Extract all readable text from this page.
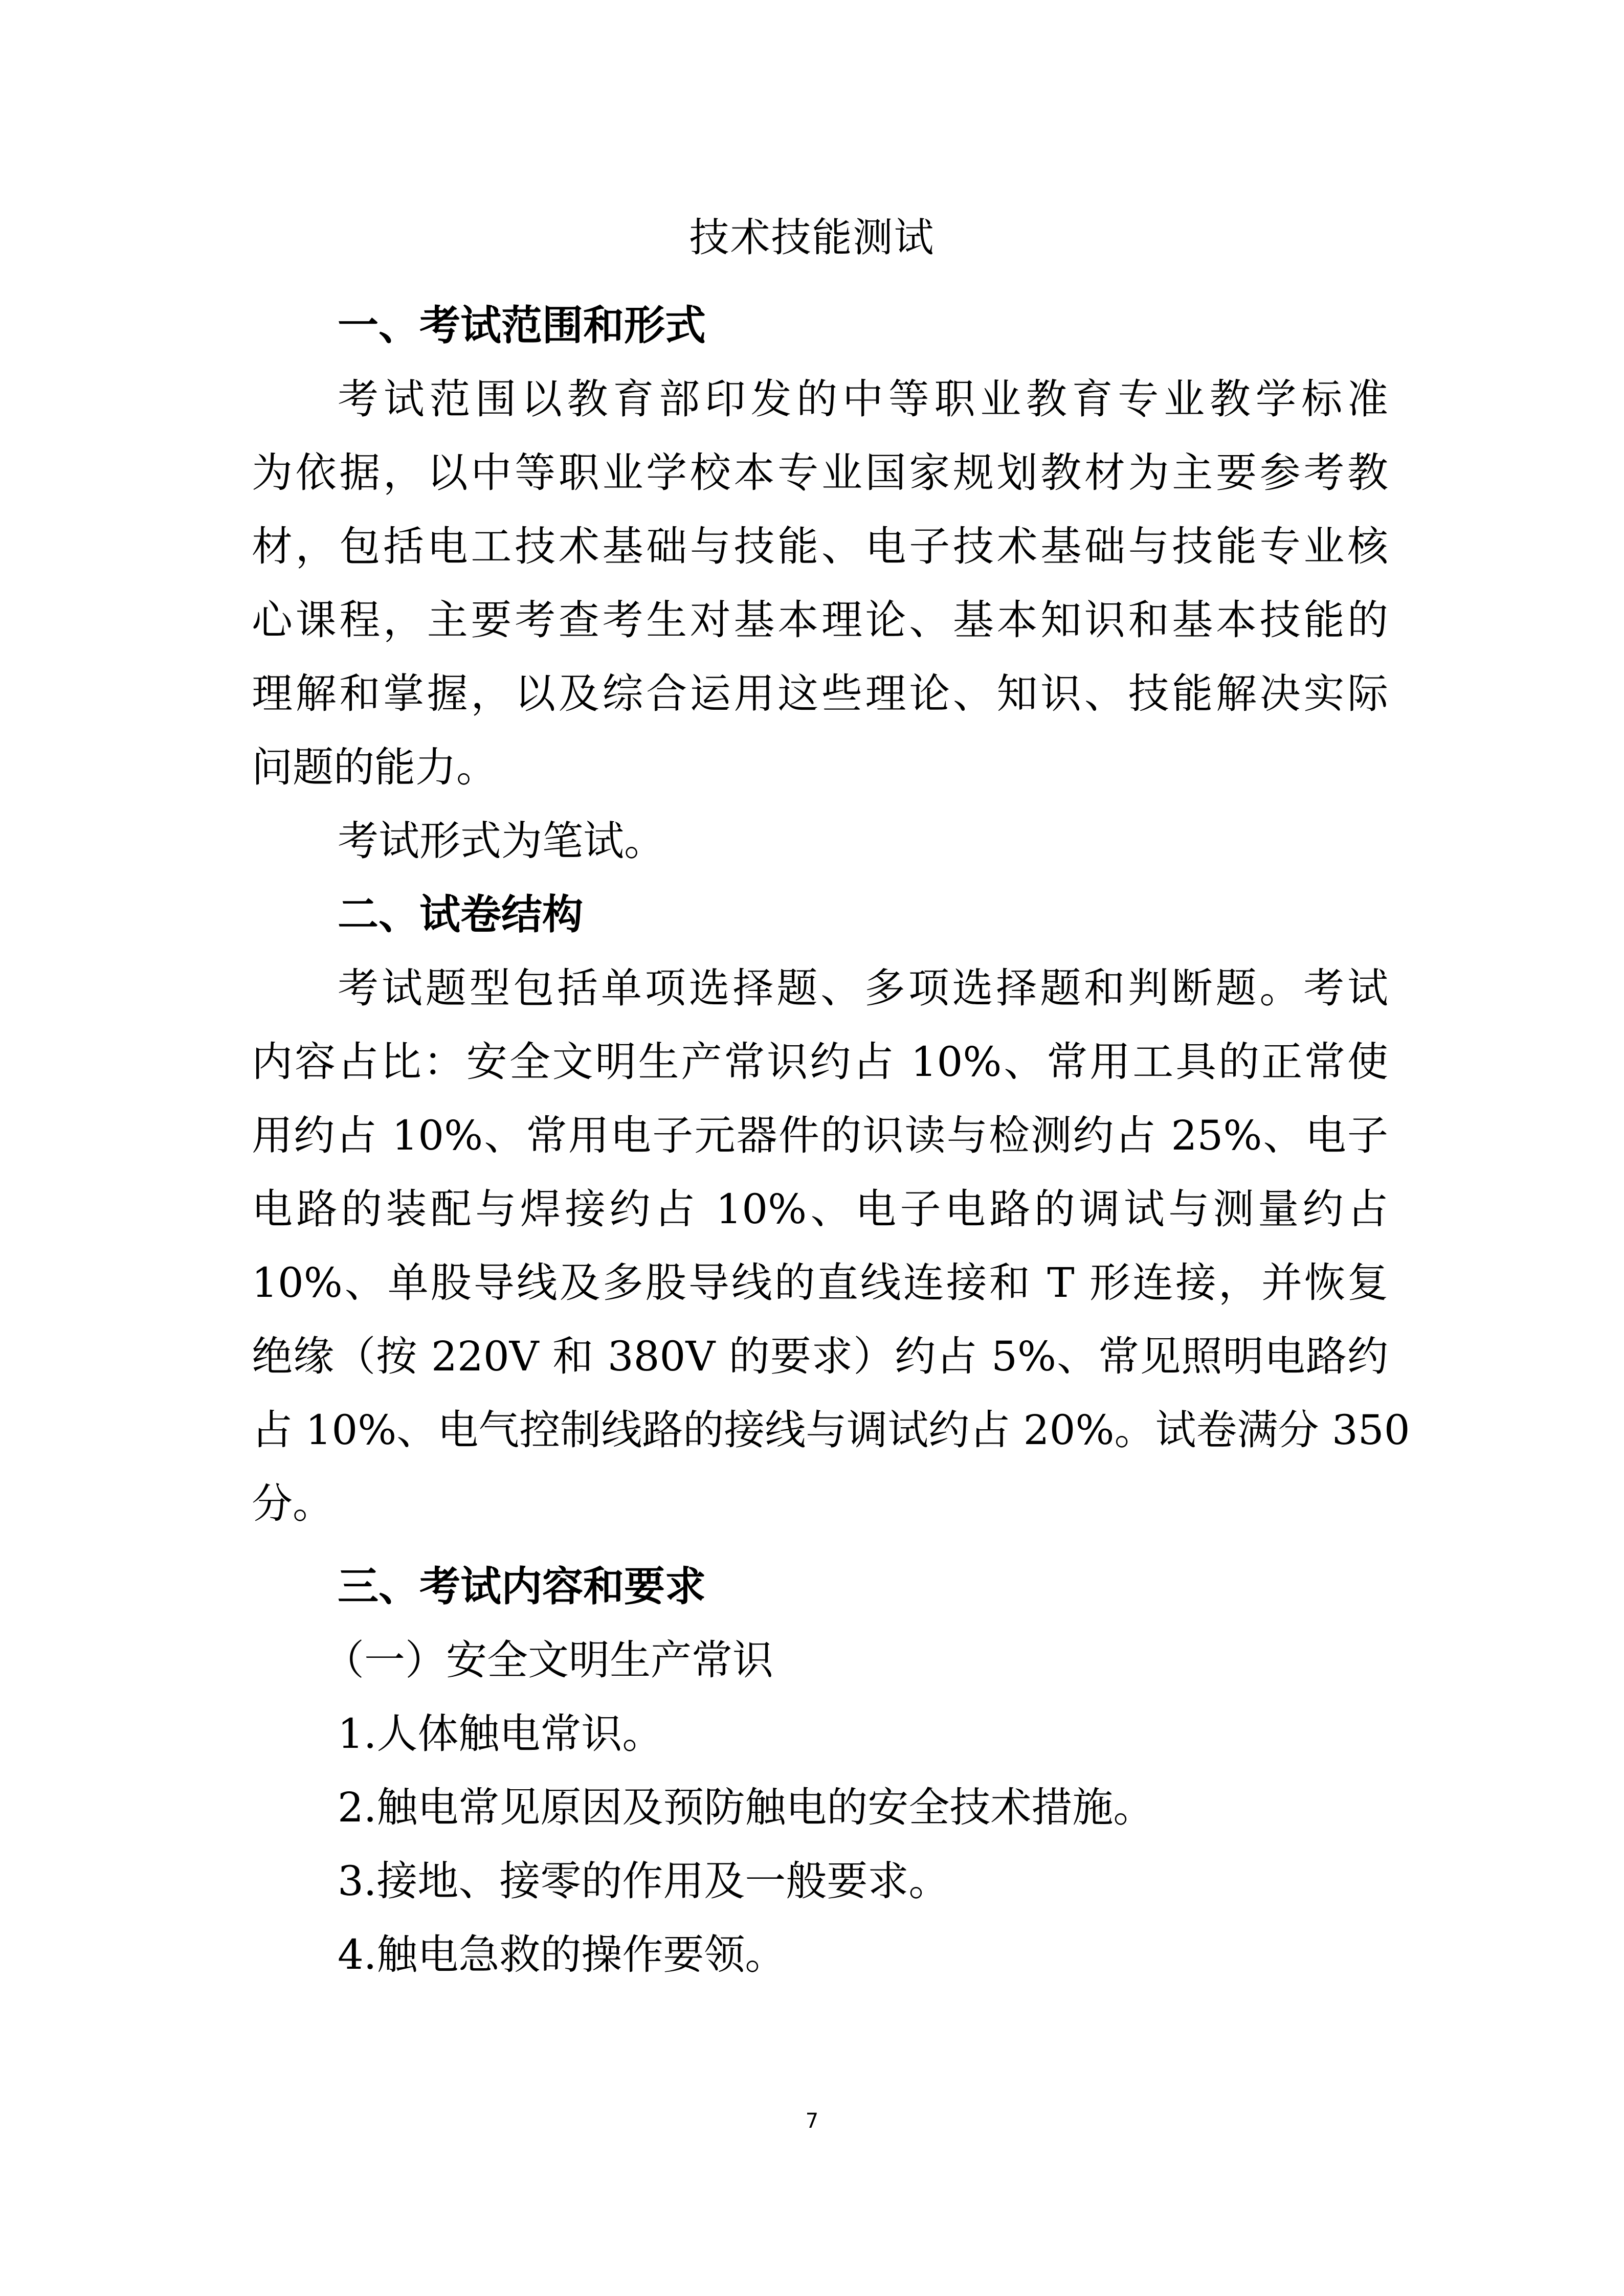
技术技能测试
一、考试范围和形式
考试范围以教育部印发的中等职业教育专业教学标准
为依据，以中等职业学校本专业国家规划教材为主要参考教
材，包括电工技术基础与技能、电子技术基础与技能专业核
心课程，主要考查考生对基本理论、基本知识和基本技能的
理解和掌握，以及综合运用这些理论、知识、技能解决实际
问题的能力。
考试形式为笔试。
二、试卷结构
考试题型包括单项选择题、多项选择题和判断题。考试
内容占比：安全文明生产常识约占 10%、常用工具的正常使
用约占 10%、常用电子元器件的识读与检测约占 25%、电子
电路的装配与焊接约占 10%、电子电路的调试与测量约占
10%、单股导线及多股导线的直线连接和 T 形连接，并恢复
绝缘（按 220V 和 380V 的要求）约占 5%、常见照明电路约
占 10%、电气控制线路的接线与调试约占 20%。试卷满分 350
分。
三、考试内容和要求
（一）安全文明生产常识
1.人体触电常识。
2.触电常见原因及预防触电的安全技术措施。
3.接地、接零的作用及一般要求。
4.触电急救的操作要领。
7
